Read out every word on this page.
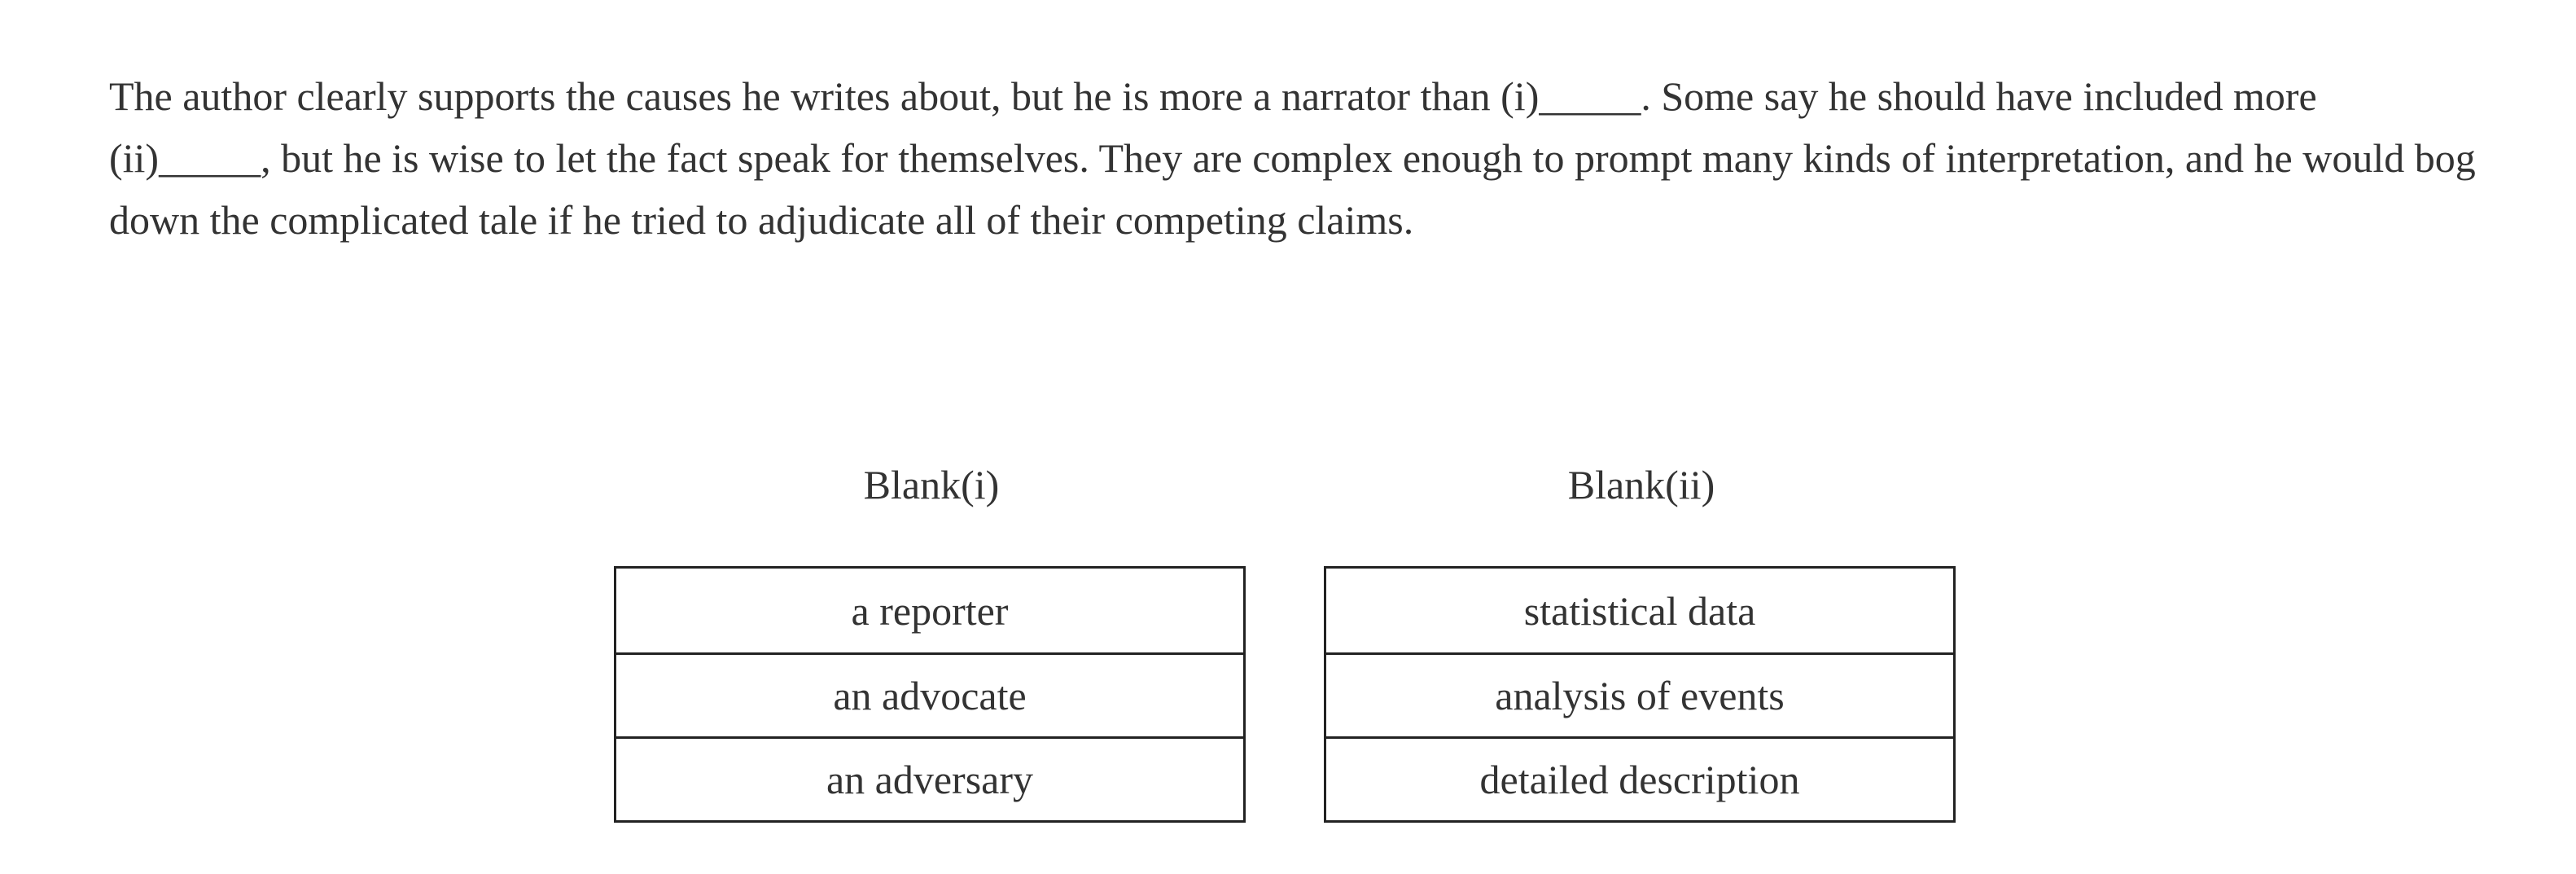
The author clearly supports the causes he writes about, but he is more a narrator than (i)_____. Some say he should have included more (ii)_____, but he is wise to let the fact speak for themselves. They are complex enough to prompt many kinds of interpretation, and he would bog down the complicated tale if he tried to adjudicate all of their competing claims.

Blank(i)	Blank(ii)
a reporter
an advocate
an adversary
statistical data
analysis of events
detailed description
